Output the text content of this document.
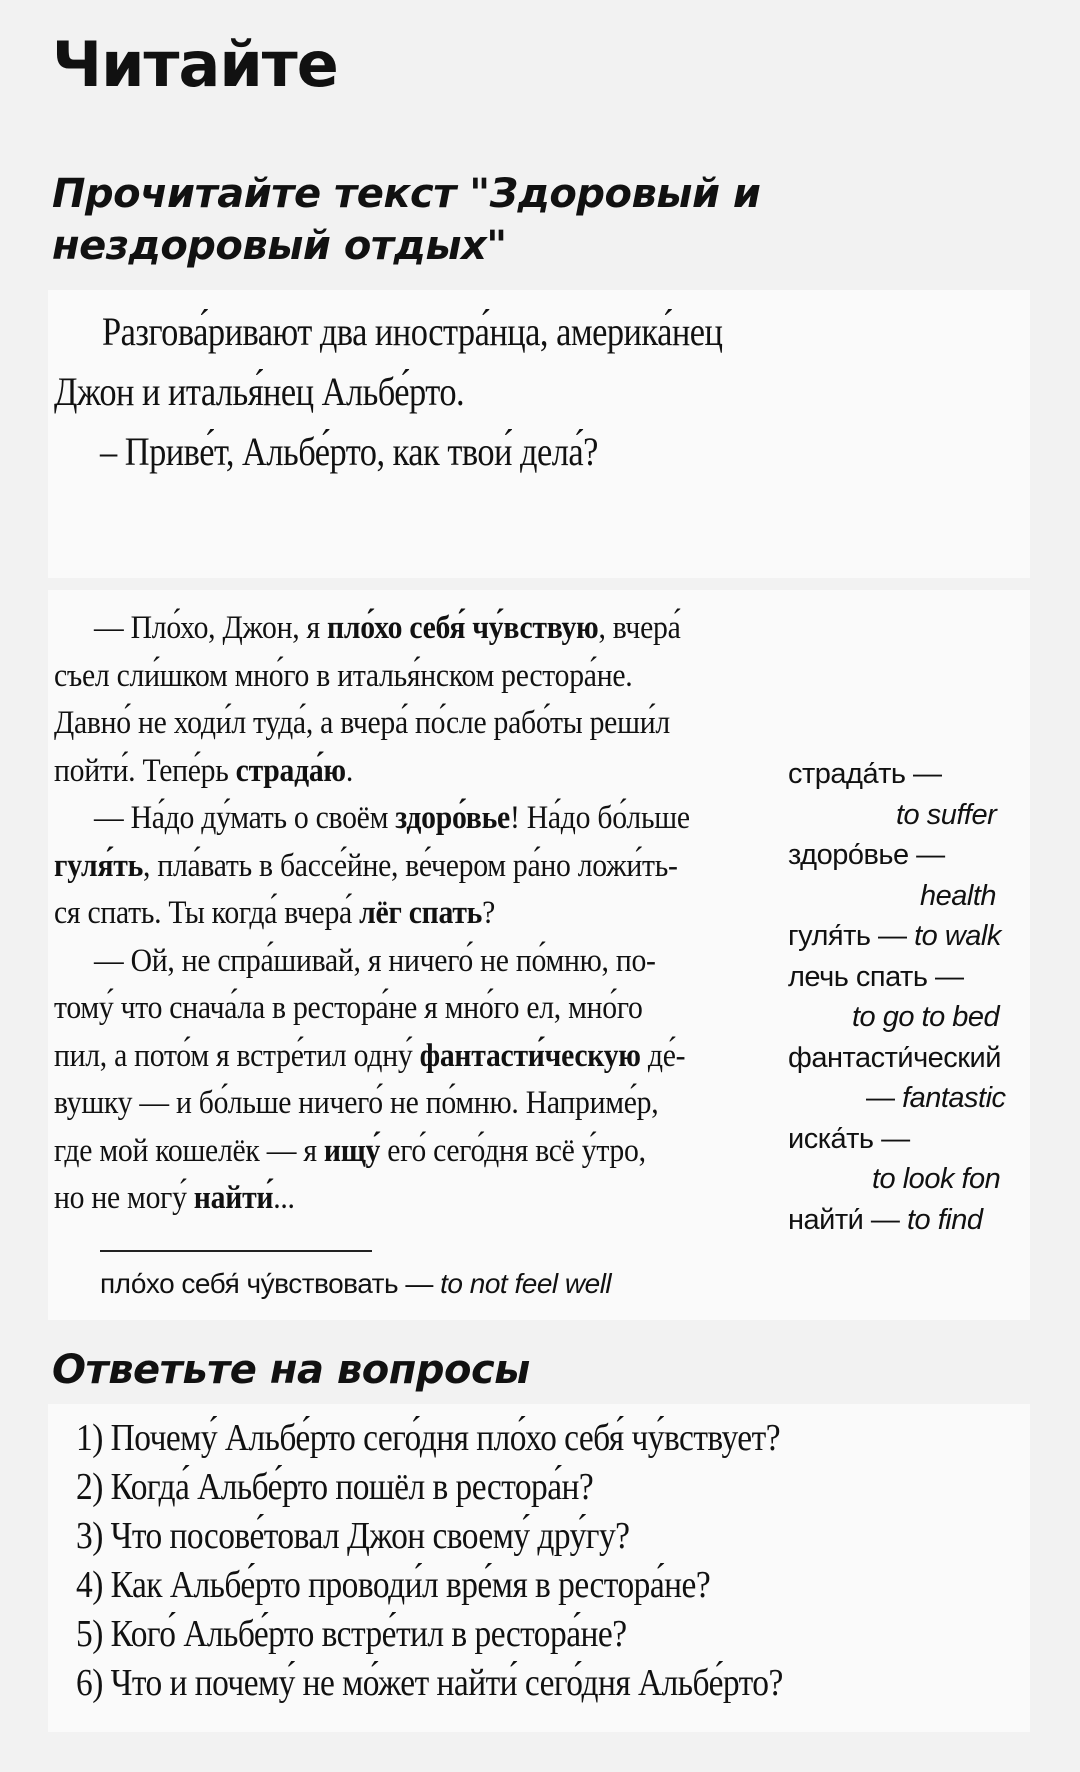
Читайте
Прочитайте текст "Здоровый и нездоровый отдых"
Разгова́ривают два иностра́нца, америка́нец
Джон и италья́нец Альбе́рто.
– Приве́т, Альбе́рто, как твои́ дела́?
— Пло́хо, Джон, я пло́хо себя́ чу́вствую, вчера́
съел сли́шком мно́го в италья́нском рестора́не.
Давно́ не ходи́л туда́, а вчера́ по́сле рабо́ты реши́л
пойти́. Тепе́рь страда́ю.
— На́до ду́мать о своём здоро́вье! На́до бо́льше
гуля́ть, пла́вать в бассе́йне, ве́чером ра́но ложи́ть-
ся спать. Ты когда́ вчера́ лёг спать?
— Ой, не спра́шивай, я ничего́ не по́мню, по-
тому́ что снача́ла в рестора́не я мно́го ел, мно́го
пил, а пото́м я встре́тил одну́ фантасти́ческую де́-
вушку — и бо́льше ничего́ не по́мню. Наприме́р,
где мой кошелёк — я ищу́ его́ сего́дня всё у́тро,
но не могу́ найти́...
страда́ть —
to suffer
здоро́вье —
health
гуля́ть — to walk
лечь спать —
to go to bed
фантасти́ческий
— fantastic
иска́ть —
to look fon
найти́ — to find
пло́хо себя́ чу́вствовать — to not feel well
Ответьте на вопросы
1) Почему́ Альбе́рто сего́дня пло́хо себя́ чу́вствует?
2) Когда́ Альбе́рто пошёл в рестора́н?
3) Что посове́товал Джон своему́ дру́гу?
4) Как Альбе́рто проводи́л вре́мя в рестора́не?
5) Кого́ Альбе́рто встре́тил в рестора́не?
6) Что и почему́ не мо́жет найти́ сего́дня Альбе́рто?
